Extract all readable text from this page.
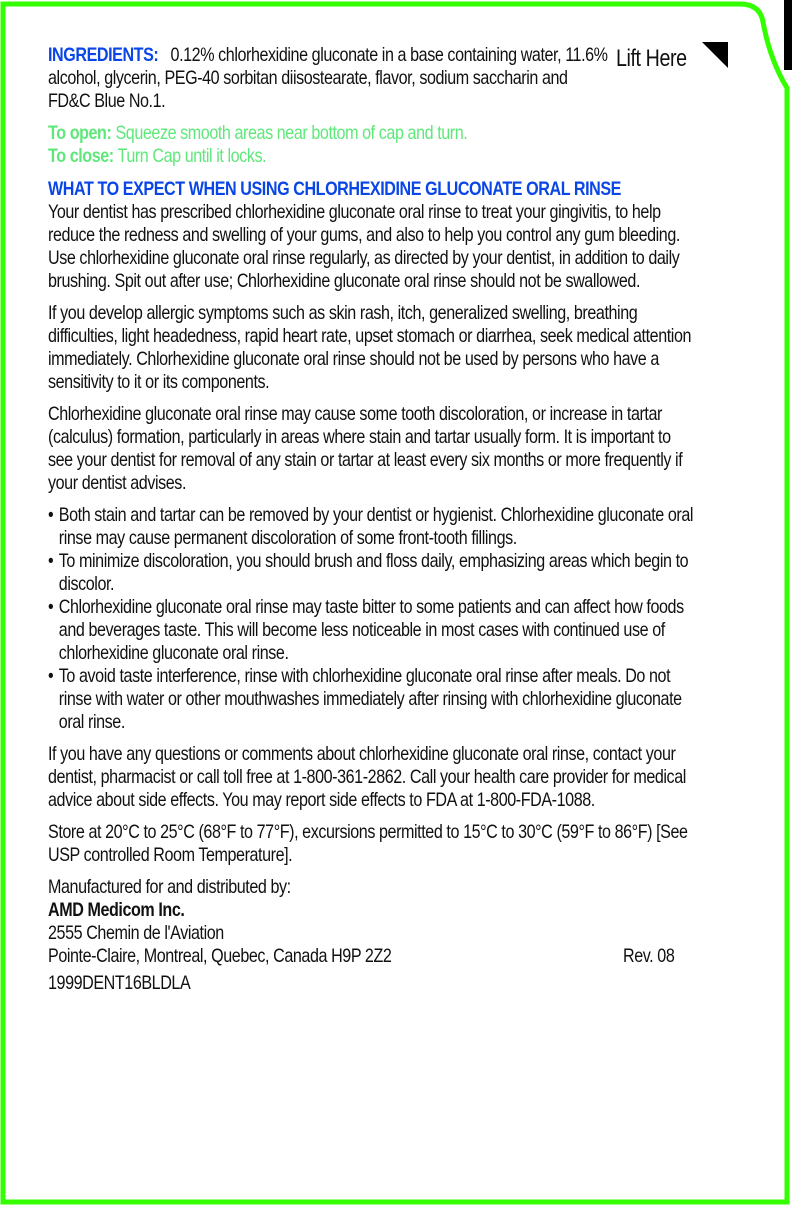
Lift Here

INGREDIENTS: 0.12% chlorhexidine gluconate in a base containing water, 11.6% alcohol, glycerin, PEG-40 sorbitan diisostearate, flavor, sodium saccharin and FD&C Blue No.1.

To open: Squeeze smooth areas near bottom of cap and turn.

To close: Turn Cap until it locks.

WHAT TO EXPECT WHEN USING CHLORHEXIDINE GLUCONATE ORAL RINSE

Your dentist has prescribed chlorhexidine gluconate oral rinse to treat your gingivitis, to help reduce the redness and swelling of your gums, and also to help you control any gum bleeding. Use chlorhexidine gluconate oral rinse regularly, as directed by your dentist, in addition to daily brushing. Spit out after use; Chlorhexidine gluconate oral rinse should not be swallowed.

If you develop allergic symptoms such as skin rash, itch, generalized swelling, breathing difficulties, light headedness, rapid heart rate, upset stomach or diarrhea, seek medical attention immediately. Chlorhexidine gluconate oral rinse should not be used by persons who have a sensitivity to it or its components.

Chlorhexidine gluconate oral rinse may cause some tooth discoloration, or increase in tartar (calculus) formation, particularly in areas where stain and tartar usually form. It is important to see your dentist for removal of any stain or tartar at least every six months or more frequently if your dentist advises.

• Both stain and tartar can be removed by your dentist or hygienist. Chlorhexidine gluconate oral rinse may cause permanent discoloration of some front-tooth fillings.
• To minimize discoloration, you should brush and floss daily, emphasizing areas which begin to discolor.
• Chlorhexidine gluconate oral rinse may taste bitter to some patients and can affect how foods and beverages taste. This will become less noticeable in most cases with continued use of chlorhexidine gluconate oral rinse.
• To avoid taste interference, rinse with chlorhexidine gluconate oral rinse after meals. Do not rinse with water or other mouthwashes immediately after rinsing with chlorhexidine gluconate oral rinse.

If you have any questions or comments about chlorhexidine gluconate oral rinse, contact your dentist, pharmacist or call toll free at 1-800-361-2862. Call your health care provider for medical advice about side effects. You may report side effects to FDA at 1-800-FDA-1088.

Store at 20°C to 25°C (68°F to 77°F), excursions permitted to 15°C to 30°C (59°F to 86°F) [See USP controlled Room Temperature].

Manufactured for and distributed by:

AMD Medicom Inc.

2555 Chemin de l'Aviation

Pointe-Claire, Montreal, Quebec, Canada H9P 2Z2	Rev. 08

1999DENT16BLDLA
